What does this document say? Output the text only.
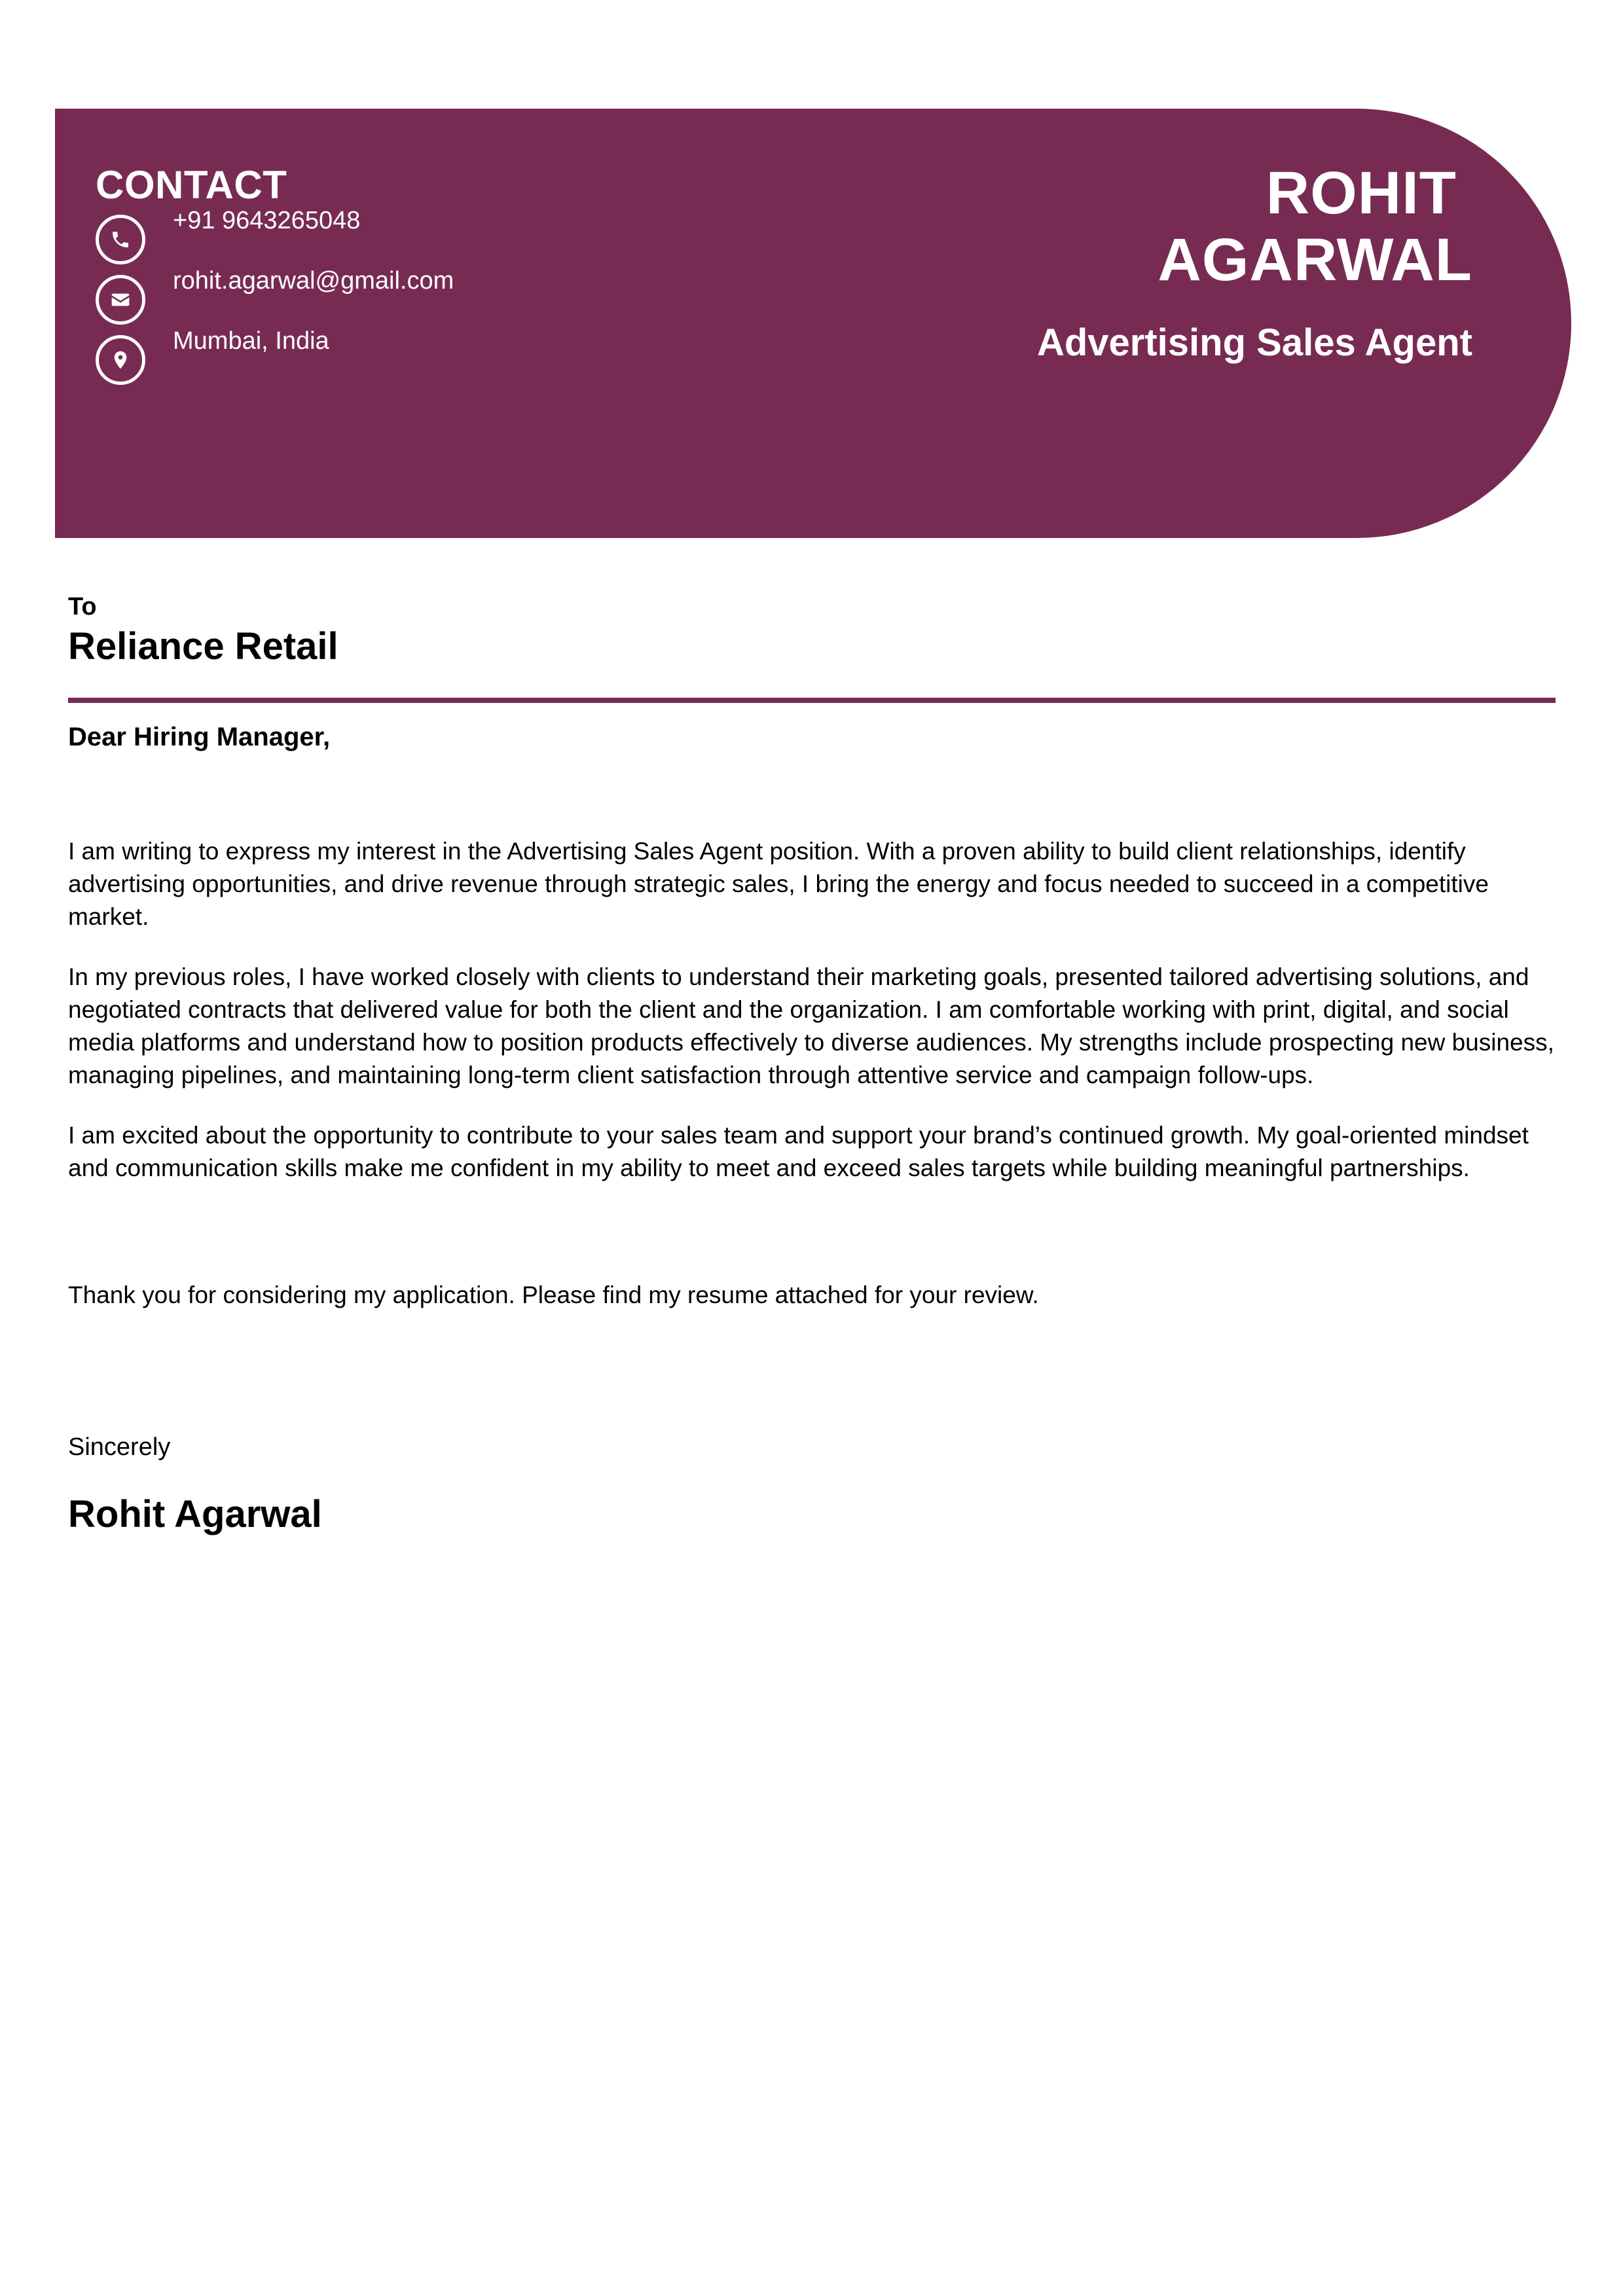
CONTACT
+91 9643265048
rohit.agarwal@gmail.com
Mumbai, India
ROHIT
AGARWAL
Advertising Sales Agent
To
Reliance Retail
Dear Hiring Manager,

I am writing to express my interest in the Advertising Sales Agent position. With a proven ability to build client relationships, identify advertising opportunities, and drive revenue through strategic sales, I bring the energy and focus needed to succeed in a competitive market.

In my previous roles, I have worked closely with clients to understand their marketing goals, presented tailored advertising solutions, and negotiated contracts that delivered value for both the client and the organization. I am comfortable working with print, digital, and social media platforms and understand how to position products effectively to diverse audiences. My strengths include prospecting new business, managing pipelines, and maintaining long-term client satisfaction through attentive service and campaign follow-ups.

I am excited about the opportunity to contribute to your sales team and support your brand’s continued growth. My goal-oriented mindset and communication skills make me confident in my ability to meet and exceed sales targets while building meaningful partnerships.

Thank you for considering my application. Please find my resume attached for your review.

Sincerely
Rohit Agarwal
